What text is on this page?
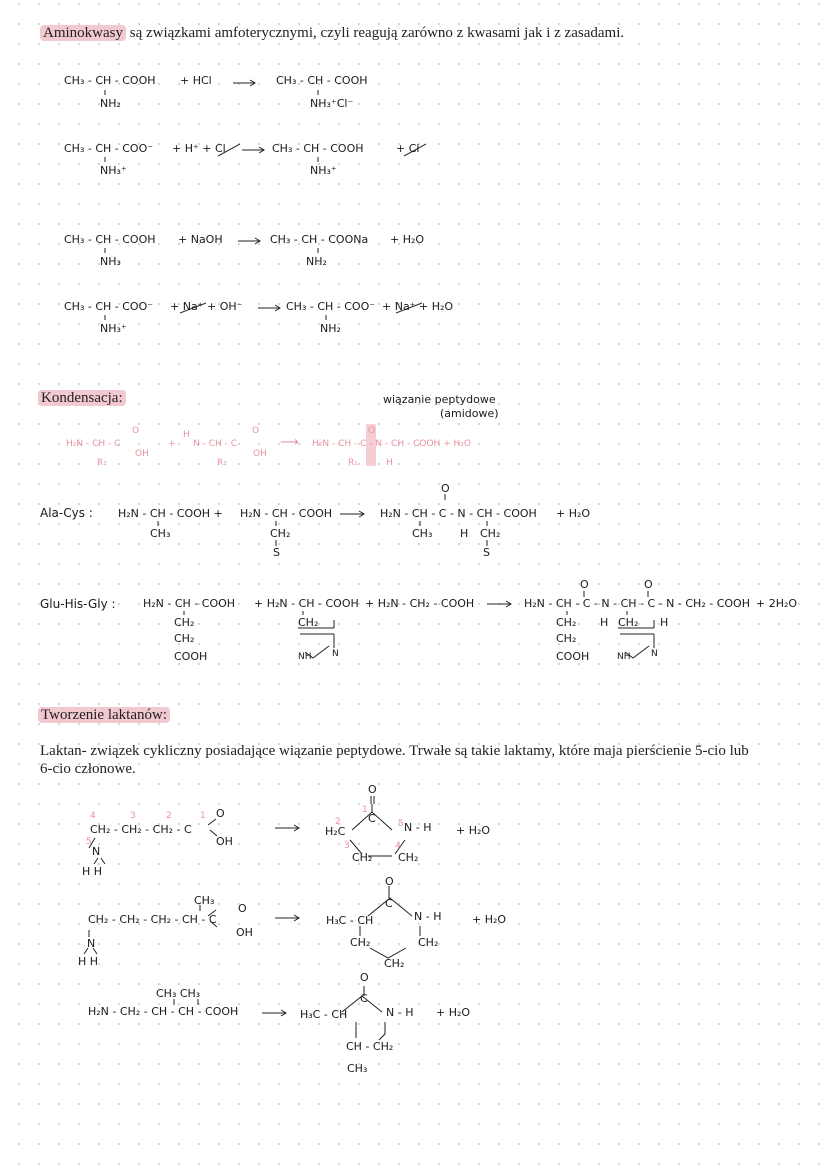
Aminokwasy są związkami amfoterycznymi, czyli reagują zarówno z kwasami jak i z zasadami.
CH₃ - CH - COOH
NH₂
+ HCl	CH₃ - CH - COOH
NH₃⁺Cl⁻
CH₃ - CH - COO⁻
NH₃⁺
+ H⁺ + Cl	CH₃ - CH - COOH
NH₃⁺
+ Cl
CH₃ - CH - COOH
NH₃
+ NaOH	CH₃ - CH - COONa
NH₂
+ H₂O
CH₃ - CH - COO⁻
NH₃⁺
+ Na⁺ + OH⁻	CH₃ - CH - COO⁻
NH₂
+ Na⁺ + H₂O
Kondensacja:	wiązanie peptydowe
(amidowe)
O
H₂N - CH - C
OH
R₁
+
H
N - CH - C
O
OH
R₂
⟶ H₂N - CH - C - N - CH - COOH + H₂O
O
R₁	H
Ala-Cys : H₂N - CH - COOH +
CH₃
H₂N - CH - COOH
CH₂
S
O
H₂N - CH - C - N - CH - COOH
CH₃	H CH₂
S
+ H₂O
Glu-His-Gly : H₂N - CH - COOH
CH₂
CH₂
COOH
+ H₂N - CH - COOH
CH₂
NH N
+ H₂N - CH₂ - COOH
O	O
H₂N - CH - C - N - CH - C - N - CH₂ - COOH + 2H₂O
CH₂
CH₂
COOH
H CH₂ H
NH N
Tworzenie laktanów:
Laktan- związek cykliczny posiadające wiązanie peptydowe. Trwałe są takie laktamy, które maja pierścienie 5-cio lub 6-cio członowe.
4	3	2	1
5
O
CH₂ - CH₂ - CH₂ - C
OH
N
H H
O
1
C
2
H₂C
5 N - H
3	4
CH₂ CH₂
+ H₂O
CH₃
O
CH₂ - CH₂ - CH₂ - CH - C
OH
N
H H
O
C
H₃C - CH	N - H
CH₂	CH₂
CH₂
+ H₂O
CH₃ CH₃
H₂N - CH₂ - CH - CH - COOH
O
C
H₃C - CH	N - H
CH - CH₂
CH₃
+ H₂O
